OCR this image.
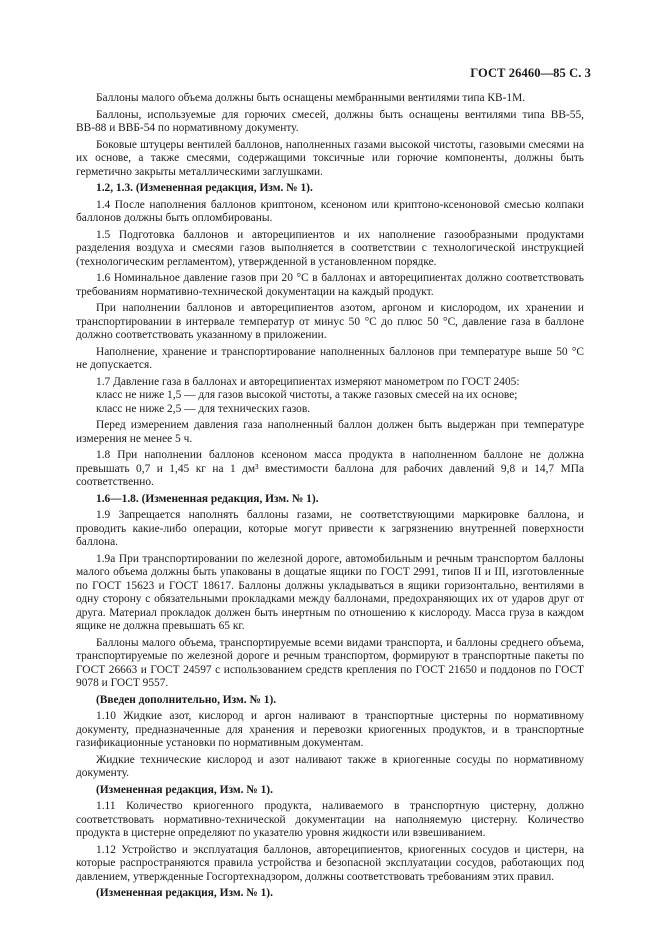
ГОСТ 26460—85 С. 3

Баллоны малого объема должны быть оснащены мембранными вентилями типа КВ-1М.

Баллоны, используемые для горючих смесей, должны быть оснащены вентилями типа ВВ-55, ВВ-88 и ВВБ-54 по нормативному документу.

Боковые штуцеры вентилей баллонов, наполненных газами высокой чистоты, газовыми смесями на их основе, а также смесями, содержащими токсичные или горючие компоненты, должны быть герметично закрыты металлическими заглушками.

1.2, 1.3. (Измененная редакция, Изм. № 1).

1.4 После наполнения баллонов криптоном, ксеноном или криптоно-ксеноновой смесью колпаки баллонов должны быть опломбированы.

1.5 Подготовка баллонов и автореципиентов и их наполнение газообразными продуктами разделения воздуха и смесями газов выполняется в соответствии с технологической инструкцией (технологическим регламентом), утвержденной в установленном порядке.

1.6 Номинальное давление газов при 20 °С в баллонах и автореципиентах должно соответствовать требованиям нормативно-технической документации на каждый продукт.

При наполнении баллонов и автореципиентов азотом, аргоном и кислородом, их хранении и транспортировании в интервале температур от минус 50 °С до плюс 50 °С, давление газа в баллоне должно соответствовать указанному в приложении.

Наполнение, хранение и транспортирование наполненных баллонов при температуре выше 50 °С не допускается.

1.7 Давление газа в баллонах и автореципиентах измеряют манометром по ГОСТ 2405:

класс не ниже 1,5 — для газов высокой чистоты, а также газовых смесей на их основе;

класс не ниже 2,5 — для технических газов.

Перед измерением давления газа наполненный баллон должен быть выдержан при температуре измерения не менее 5 ч.

1.8 При наполнении баллонов ксеноном масса продукта в наполненном баллоне не должна превышать 0,7 и 1,45 кг на 1 дм³ вместимости баллона для рабочих давлений 9,8 и 14,7 МПа соответственно.

1.6—1.8. (Измененная редакция, Изм. № 1).

1.9 Запрещается наполнять баллоны газами, не соответствующими маркировке баллона, и проводить какие-либо операции, которые могут привести к загрязнению внутренней поверхности баллона.

1.9а При транспортировании по железной дороге, автомобильным и речным транспортом баллоны малого объема должны быть упакованы в дощатые ящики по ГОСТ 2991, типов II и III, изготовленные по ГОСТ 15623 и ГОСТ 18617. Баллоны должны укладываться в ящики горизонтально, вентилями в одну сторону с обязательными прокладками между баллонами, предохраняющих их от ударов друг от друга. Материал прокладок должен быть инертным по отношению к кислороду. Масса груза в каждом ящике не должна превышать 65 кг.

Баллоны малого объема, транспортируемые всеми видами транспорта, и баллоны среднего объема, транспортируемые по железной дороге и речным транспортом, формируют в транспортные пакеты по ГОСТ 26663 и ГОСТ 24597 с использованием средств крепления по ГОСТ 21650 и поддонов по ГОСТ 9078 и ГОСТ 9557.

(Введен дополнительно, Изм. № 1).

1.10 Жидкие азот, кислород и аргон наливают в транспортные цистерны по нормативному документу, предназначенные для хранения и перевозки криогенных продуктов, и в транспортные газификационные установки по нормативным документам.

Жидкие технические кислород и азот наливают также в криогенные сосуды по нормативному документу.

(Измененная редакция, Изм. № 1).

1.11 Количество криогенного продукта, наливаемого в транспортную цистерну, должно соответствовать нормативно-технической документации на наполняемую цистерну. Количество продукта в цистерне определяют по указателю уровня жидкости или взвешиванием.

1.12 Устройство и эксплуатация баллонов, автореципиентов, криогенных сосудов и цистерн, на которые распространяются правила устройства и безопасной эксплуатации сосудов, работающих под давлением, утвержденные Госгортехнадзором, должны соответствовать требованиям этих правил.

(Измененная редакция, Изм. № 1).
